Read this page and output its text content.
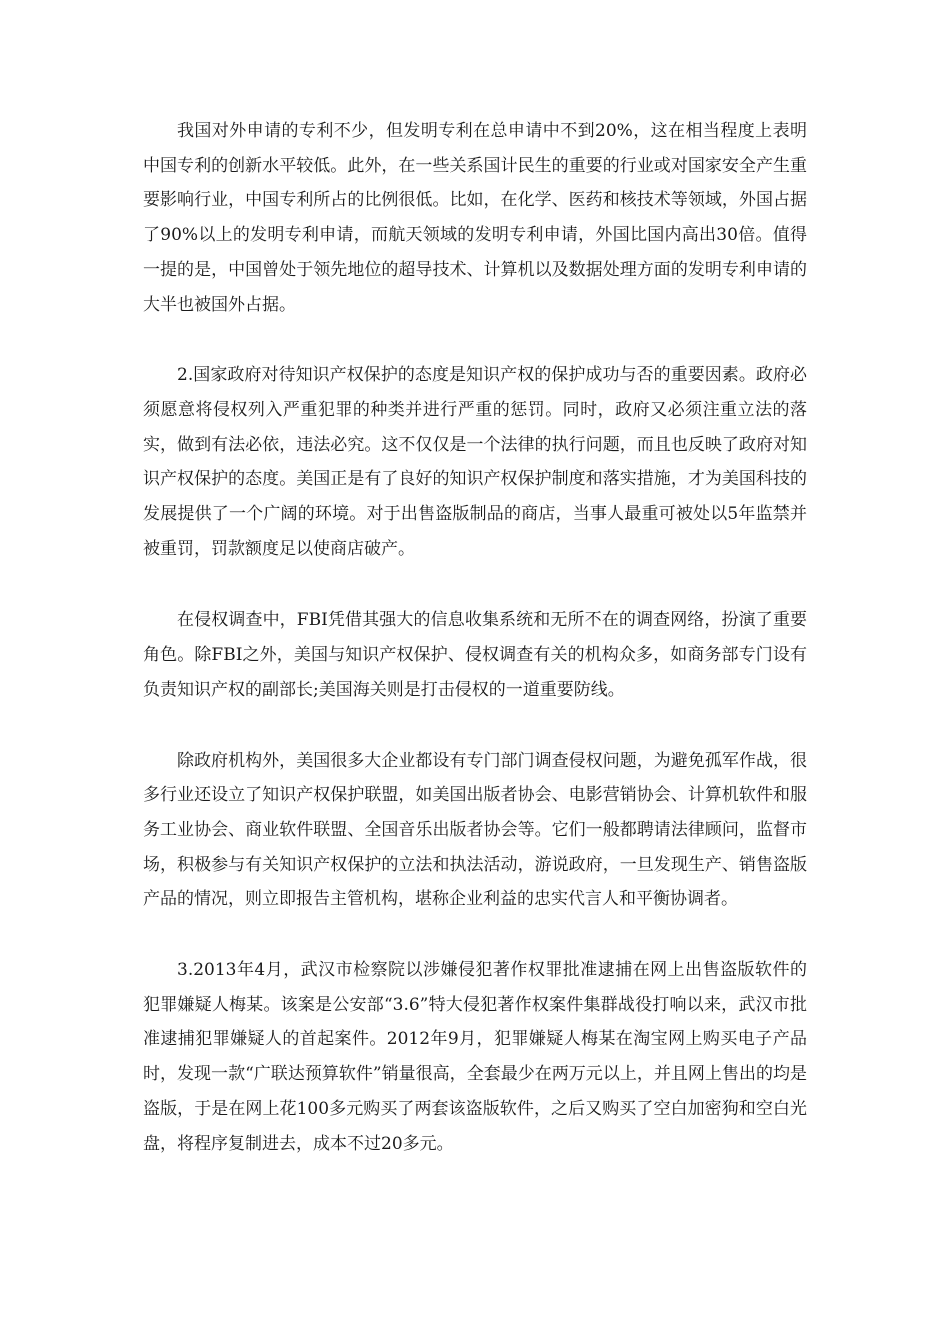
我国对外申请的专利不少，但发明专利在总申请中不到20%，这在相当程度上表明中国专利的创新水平较低。此外，在一些关系国计民生的重要的行业或对国家安全产生重要影响行业，中国专利所占的比例很低。比如，在化学、医药和核技术等领域，外国占据了90%以上的发明专利申请，而航天领域的发明专利申请，外国比国内高出30倍。值得一提的是，中国曾处于领先地位的超导技术、计算机以及数据处理方面的发明专利申请的大半也被国外占据。

2.国家政府对待知识产权保护的态度是知识产权的保护成功与否的重要因素。政府必须愿意将侵权列入严重犯罪的种类并进行严重的惩罚。同时，政府又必须注重立法的落实，做到有法必依，违法必究。这不仅仅是一个法律的执行问题，而且也反映了政府对知识产权保护的态度。美国正是有了良好的知识产权保护制度和落实措施，才为美国科技的发展提供了一个广阔的环境。对于出售盗版制品的商店，当事人最重可被处以5年监禁并被重罚，罚款额度足以使商店破产。

在侵权调查中，FBI凭借其强大的信息收集系统和无所不在的调查网络，扮演了重要角色。除FBI之外，美国与知识产权保护、侵权调查有关的机构众多，如商务部专门设有负责知识产权的副部长;美国海关则是打击侵权的一道重要防线。

除政府机构外，美国很多大企业都设有专门部门调查侵权问题，为避免孤军作战，很多行业还设立了知识产权保护联盟，如美国出版者协会、电影营销协会、计算机软件和服务工业协会、商业软件联盟、全国音乐出版者协会等。它们一般都聘请法律顾问，监督市场，积极参与有关知识产权保护的立法和执法活动，游说政府，一旦发现生产、销售盗版产品的情况，则立即报告主管机构，堪称企业利益的忠实代言人和平衡协调者。

3.2013年4月，武汉市检察院以涉嫌侵犯著作权罪批准逮捕在网上出售盗版软件的犯罪嫌疑人梅某。该案是公安部“3.6”特大侵犯著作权案件集群战役打响以来，武汉市批准逮捕犯罪嫌疑人的首起案件。2012年9月，犯罪嫌疑人梅某在淘宝网上购买电子产品时，发现一款“广联达预算软件”销量很高，全套最少在两万元以上，并且网上售出的均是盗版，于是在网上花100多元购买了两套该盗版软件，之后又购买了空白加密狗和空白光盘，将程序复制进去，成本不过20多元。
